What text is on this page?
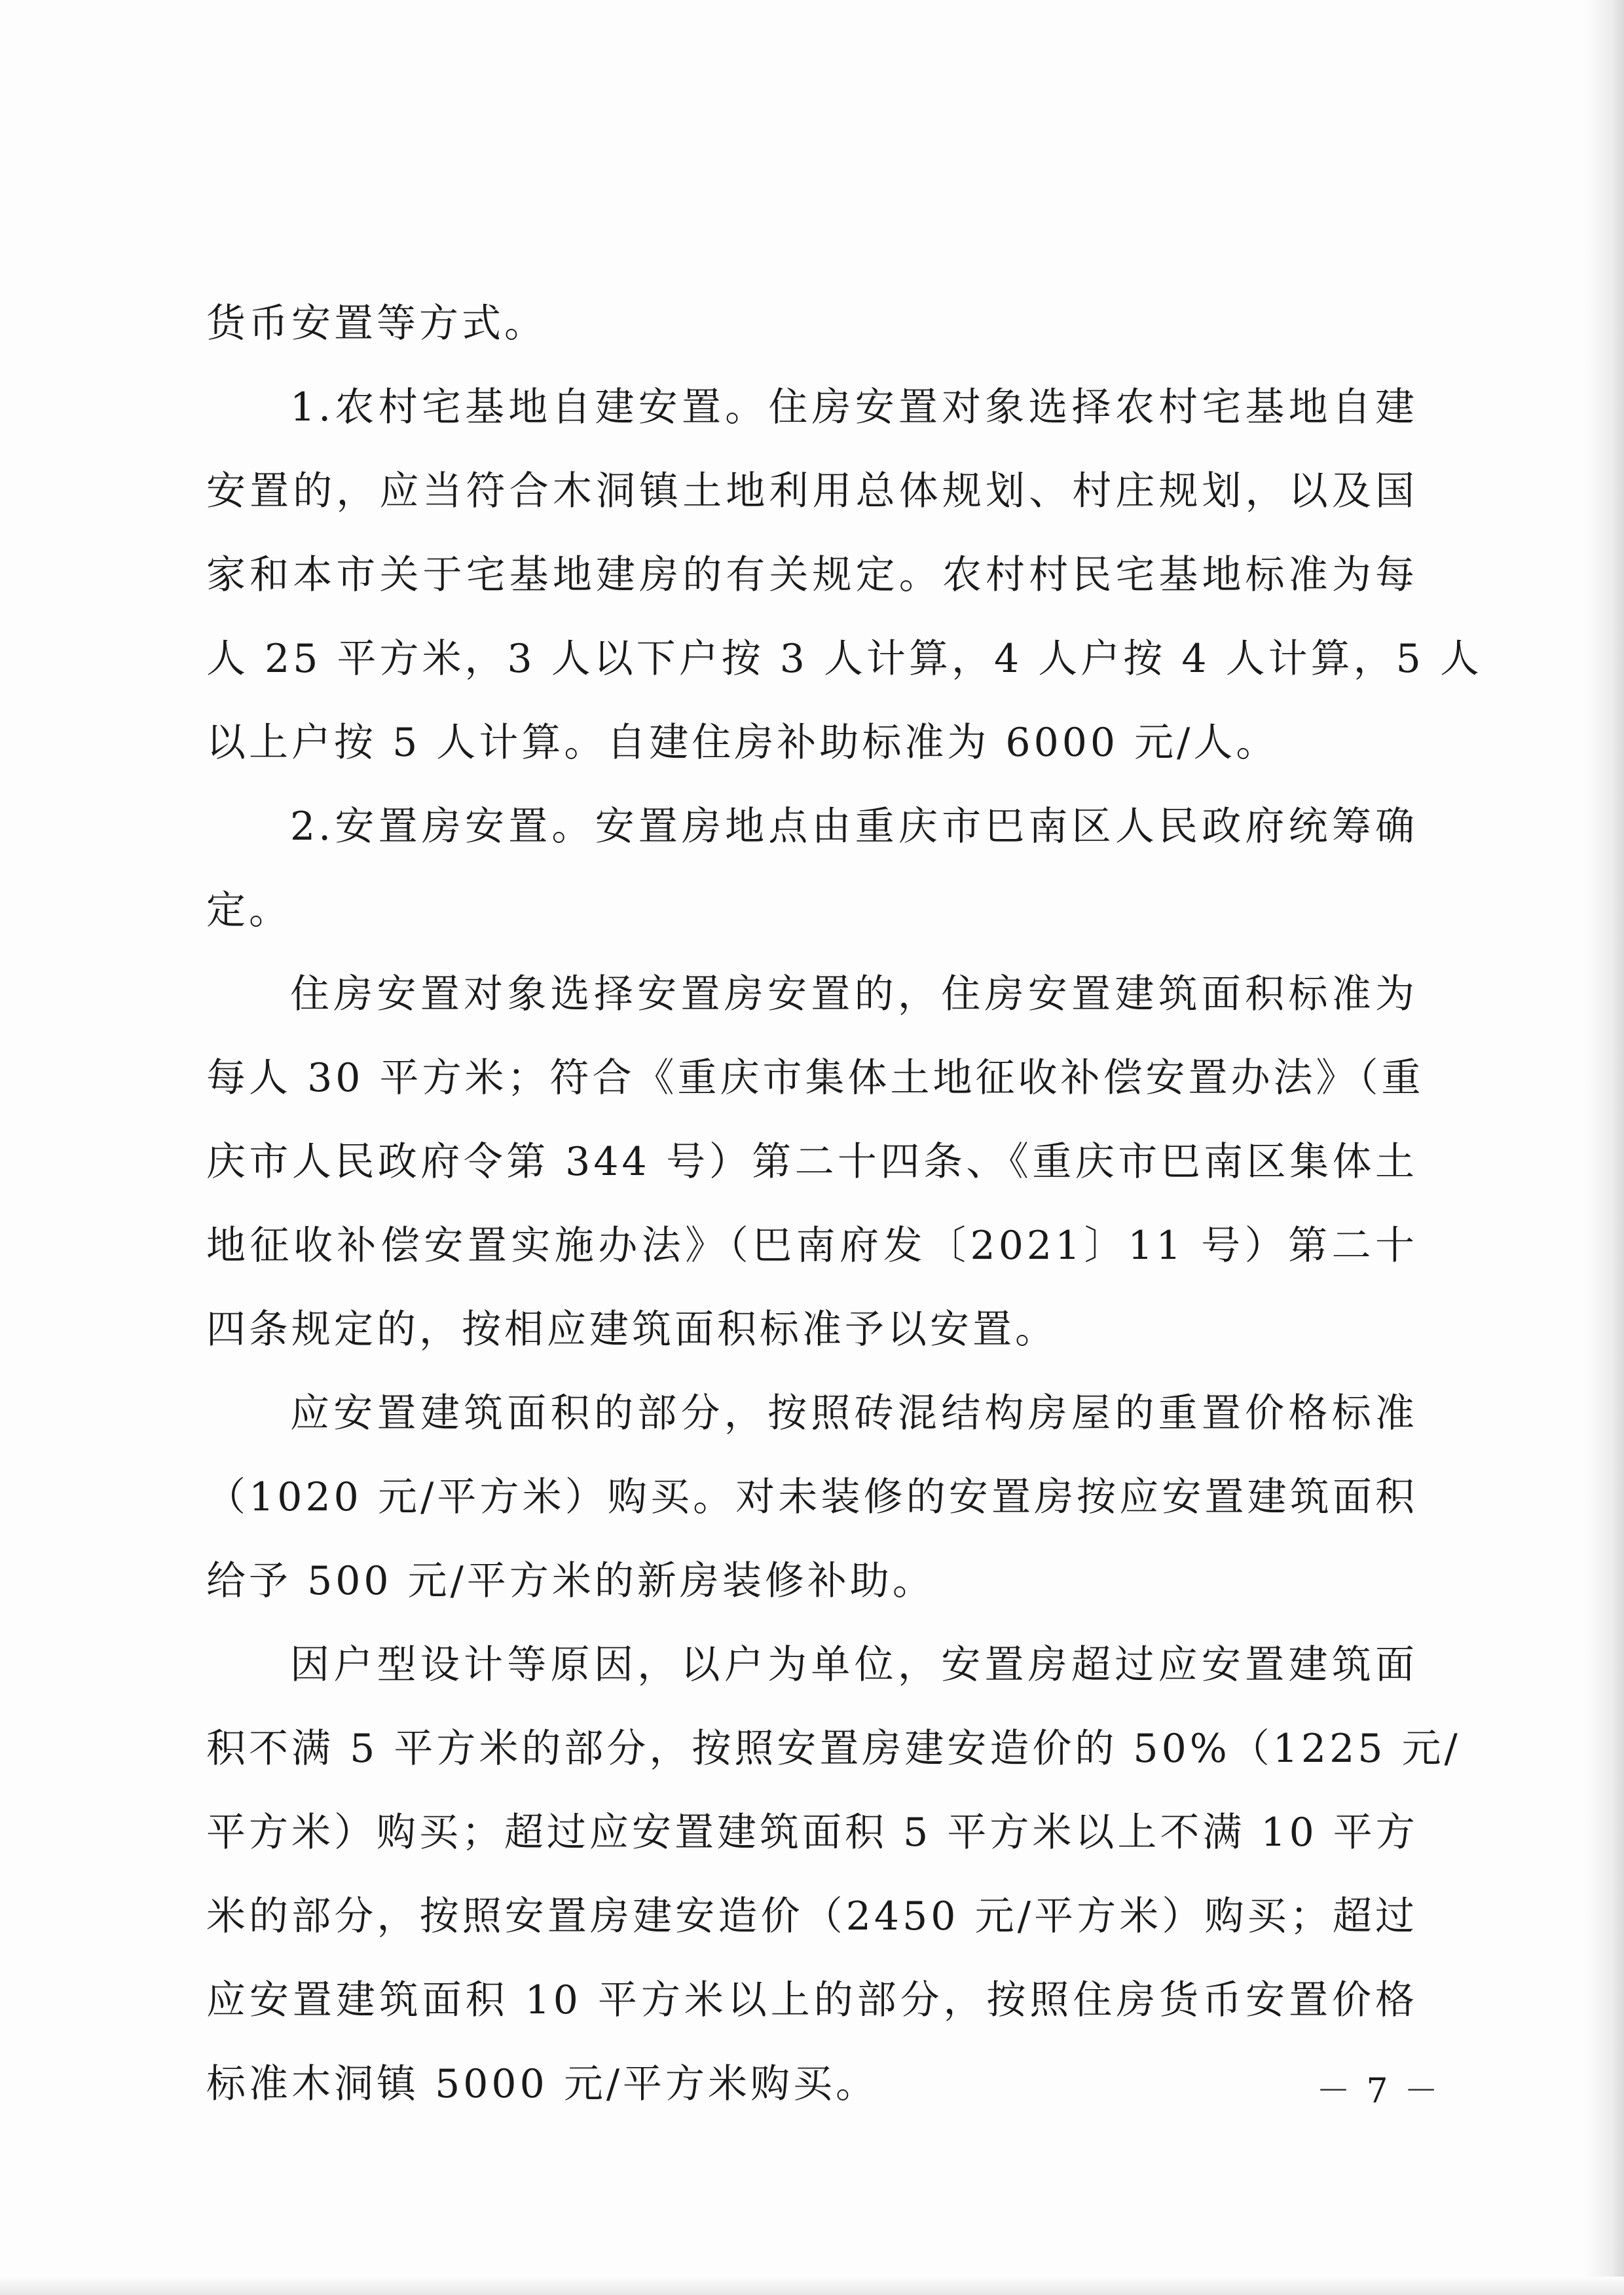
货币安置等方式。
1.农村宅基地自建安置。住房安置对象选择农村宅基地自建
安置的，应当符合木洞镇土地利用总体规划、村庄规划，以及国
家和本市关于宅基地建房的有关规定。农村村民宅基地标准为每
人 25 平方米，3 人以下户按 3 人计算，4 人户按 4 人计算，5 人
以上户按 5 人计算。自建住房补助标准为 6000 元/人。
2.安置房安置。安置房地点由重庆市巴南区人民政府统筹确
定。
住房安置对象选择安置房安置的，住房安置建筑面积标准为
每人 30 平方米；符合《重庆市集体土地征收补偿安置办法》（重
庆市人民政府令第 344 号）第二十四条、《重庆市巴南区集体土
地征收补偿安置实施办法》（巴南府发〔2021〕11 号）第二十
四条规定的，按相应建筑面积标准予以安置。
应安置建筑面积的部分，按照砖混结构房屋的重置价格标准
（1020 元/平方米）购买。对未装修的安置房按应安置建筑面积
给予 500 元/平方米的新房装修补助。
因户型设计等原因，以户为单位，安置房超过应安置建筑面
积不满 5 平方米的部分，按照安置房建安造价的 50%（1225 元/
平方米）购买；超过应安置建筑面积 5 平方米以上不满 10 平方
米的部分，按照安置房建安造价（2450 元/平方米）购买；超过
应安置建筑面积 10 平方米以上的部分，按照住房货币安置价格
标准木洞镇 5000 元/平方米购买。	－ 7 －
